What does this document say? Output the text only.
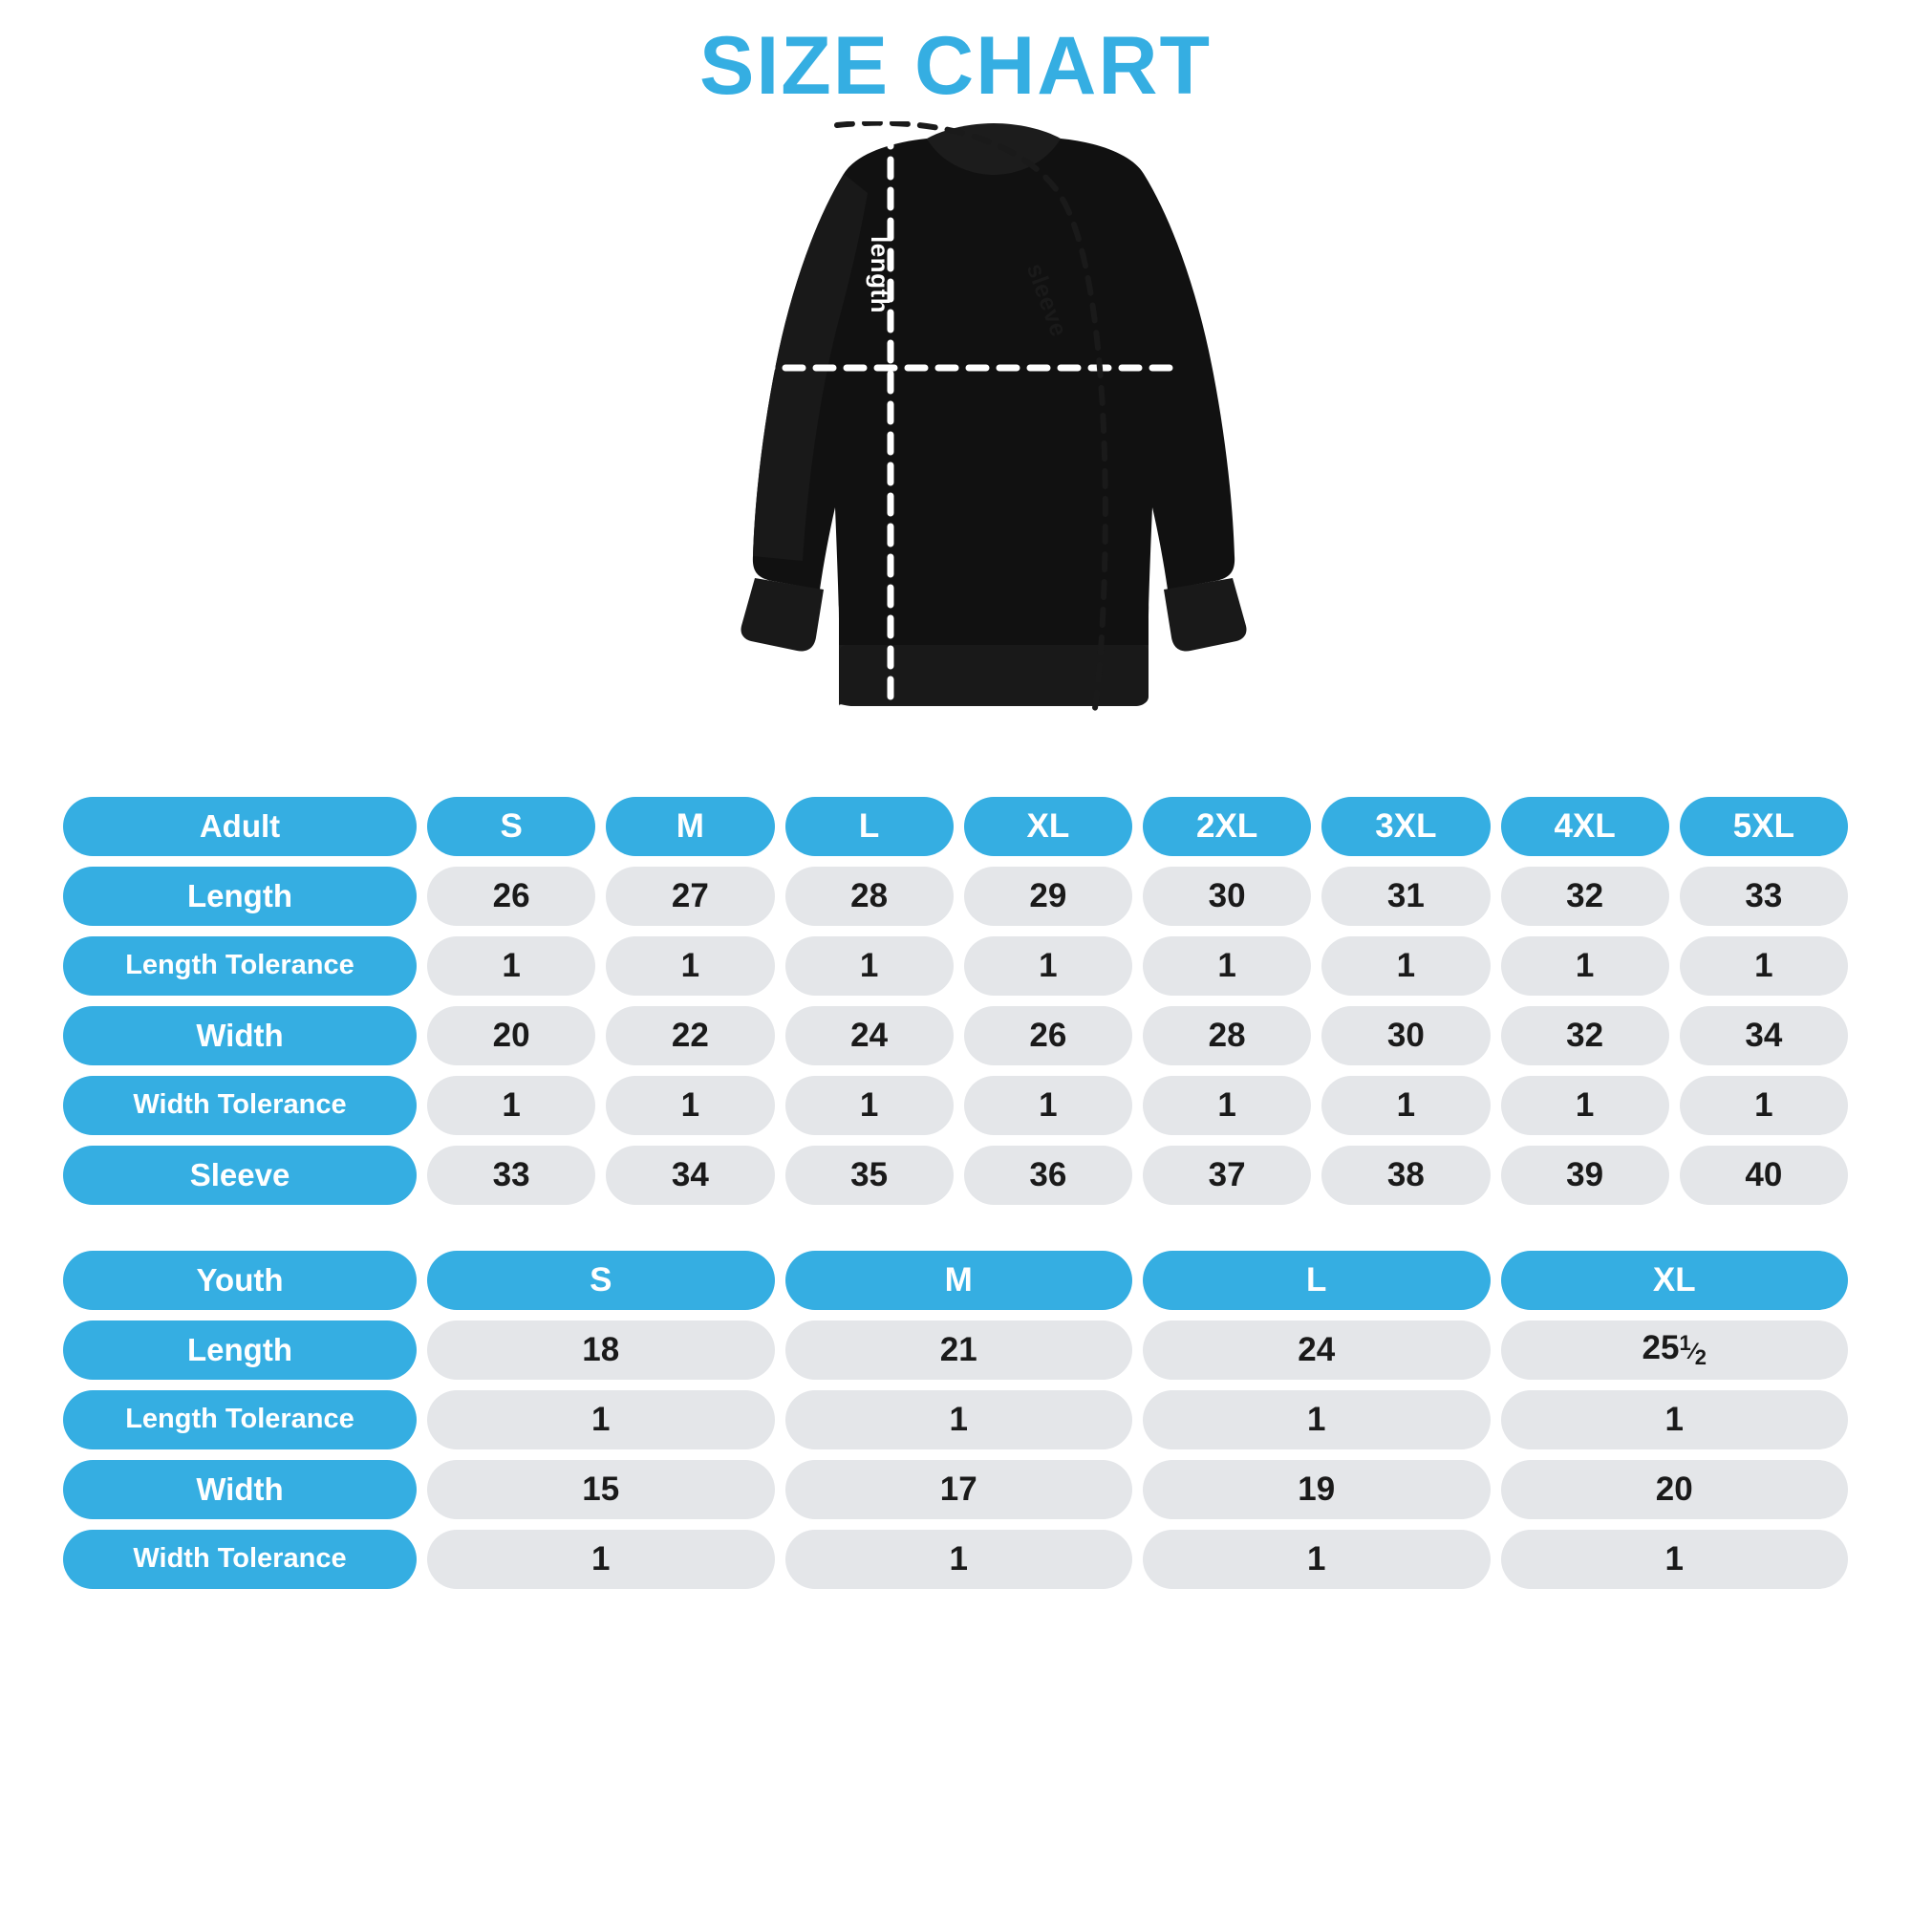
SIZE CHART
width
length	sleeve
Adult	S	M	L	XL	2XL	3XL	4XL	5XL
Length	26	27	28	29	30	31	32	33
Length Tolerance	1	1	1	1	1	1	1	1
Width	20	22	24	26	28	30	32	34
Width Tolerance	1	1	1	1	1	1	1	1
Sleeve	33	34	35	36	37	38	39	40
Youth	S	M	L	XL
Length	18	21	24	$25^1⁄_2$
Length Tolerance	1	1	1	1
Width	15	17	19	20
Width Tolerance	1	1	1	1
